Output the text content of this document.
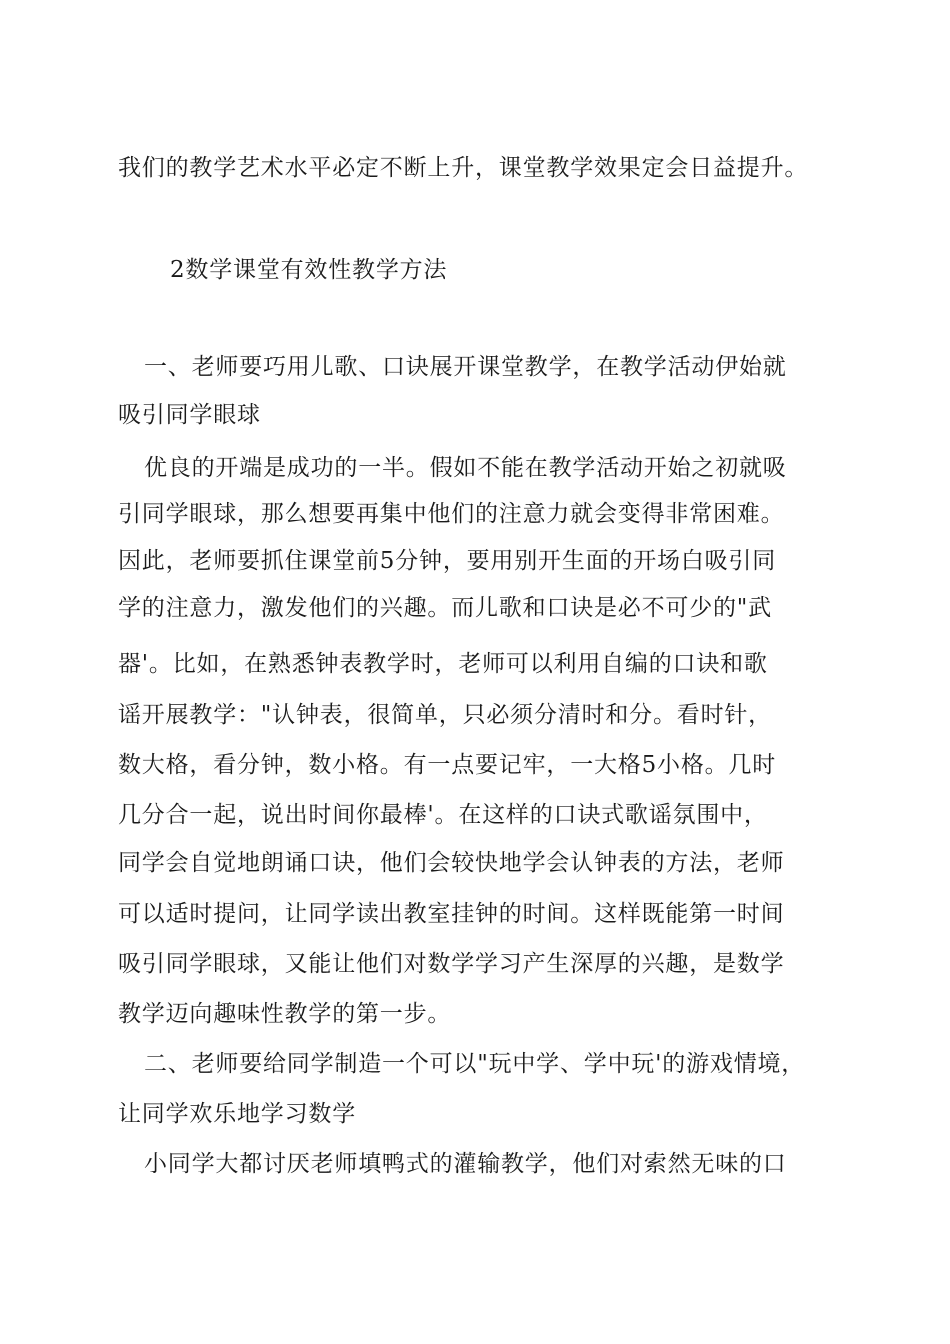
我们的教学艺术水平必定不断上升，课堂教学效果定会日益提升。
2数学课堂有效性教学方法
一、老师要巧用儿歌、口诀展开课堂教学，在教学活动伊始就
吸引同学眼球
优良的开端是成功的一半。假如不能在教学活动开始之初就吸
引同学眼球，那么想要再集中他们的注意力就会变得非常困难。
因此，老师要抓住课堂前5分钟，要用别开生面的开场白吸引同
学的注意力，激发他们的兴趣。而儿歌和口诀是必不可少的"武
器'。比如，在熟悉钟表教学时，老师可以利用自编的口诀和歌
谣开展教学："认钟表，很简单，只必须分清时和分。看时针，
数大格，看分钟，数小格。有一点要记牢，一大格5小格。几时
几分合一起，说出时间你最棒'。在这样的口诀式歌谣氛围中，
同学会自觉地朗诵口诀，他们会较快地学会认钟表的方法，老师
可以适时提问，让同学读出教室挂钟的时间。这样既能第一时间
吸引同学眼球，又能让他们对数学学习产生深厚的兴趣，是数学
教学迈向趣味性教学的第一步。
二、老师要给同学制造一个可以"玩中学、学中玩'的游戏情境，
让同学欢乐地学习数学
小同学大都讨厌老师填鸭式的灌输教学，他们对索然无味的口
